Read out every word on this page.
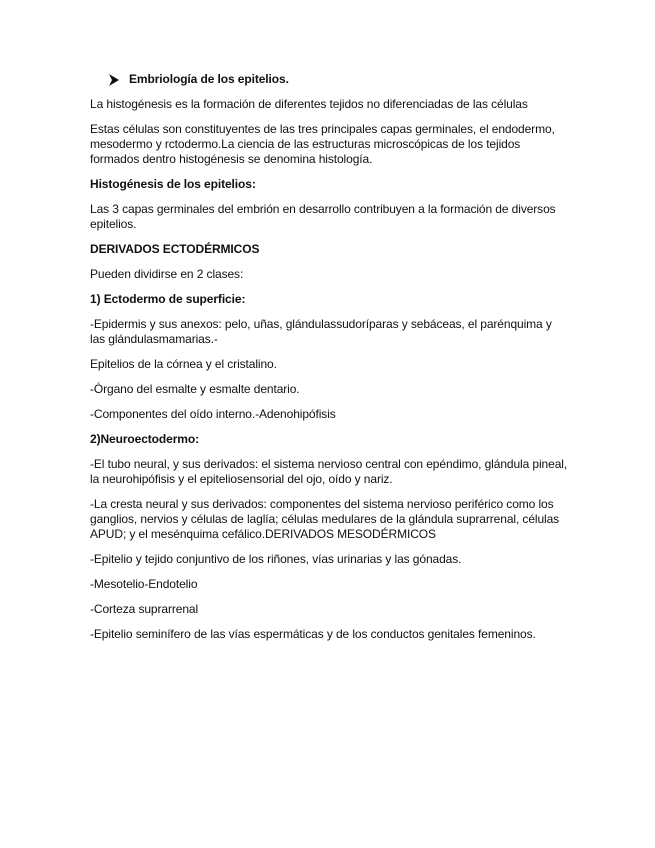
Embriología de los epitelios.

La histogénesis es la formación de diferentes tejidos no diferenciadas de las células

Estas células son constituyentes de las tres principales capas germinales, el endodermo, mesodermo y rctodermo.La ciencia de las estructuras microscópicas de los tejidos formados dentro histogénesis se denomina histología.

Histogénesis de los epitelios:

Las 3 capas germinales del embrión en desarrollo contribuyen a la formación de diversos epitelios.

DERIVADOS ECTODÉRMICOS

Pueden dividirse en 2 clases:

1) Ectodermo de superficie:

-Epidermis y sus anexos: pelo, uñas, glándulassudoríparas y sebáceas, el parénquima y las glándulasmamarias.-

Epitelios de la córnea y el cristalino.

-Órgano del esmalte y esmalte dentario.

-Componentes del oído interno.-Adenohipófisis

2)Neuroectodermo:

-El tubo neural, y sus derivados: el sistema nervioso central con epéndimo, glándula pineal, la neurohipófisis y el epiteliosensorial del ojo, oído y nariz.

-La cresta neural y sus derivados: componentes del sistema nervioso periférico como los ganglios, nervios y células de laglía; células medulares de la glándula suprarrenal, células APUD; y el mesénquima cefálico.DERIVADOS MESODÉRMICOS

-Epitelio y tejido conjuntivo de los riñones, vías urinarias y las gónadas.

-Mesotelio-Endotelio

-Corteza suprarrenal

-Epitelio seminífero de las vías espermáticas y de los conductos genitales femeninos.
